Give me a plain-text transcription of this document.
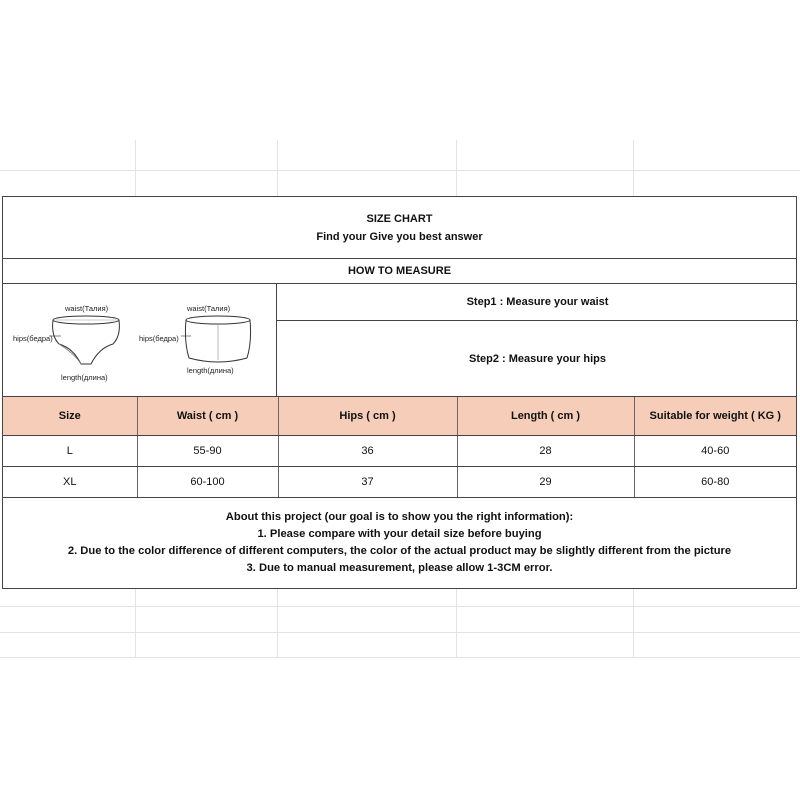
SIZE CHART
Find your Give you best answer
HOW TO MEASURE
waist(Талия)
hips(бедра)
length(длина)
waist(Талия)
hips(бедра)
length(длина)
Step1 : Measure your waist
Step2 : Measure your hips
Size	Waist ( cm )	Hips ( cm )	Length ( cm )	Suitable for weight ( KG )
L	55-90	36	28	40-60
XL	60-100	37	29	60-80
About this project (our goal is to show you the right information):
1. Please compare with your detail size before buying
2. Due to the color difference of different computers, the color of the actual product may be slightly different from the picture
3. Due to manual measurement, please allow 1-3CM error.
